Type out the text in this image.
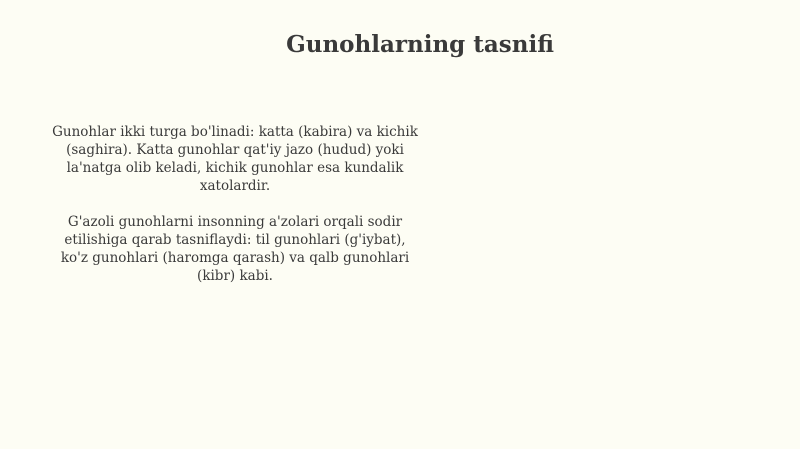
Gunohlarning tasnifi

Gunohlar ikki turga bo'linadi: katta (kabira) va kichik (saghira). Katta gunohlar qat'iy jazo (hudud) yoki la'natga olib keladi, kichik gunohlar esa kundalik xatolardir.

G'azoli gunohlarni insonning a'zolari orqali sodir etilishiga qarab tasniflaydi: til gunohlari (g'iybat), ko'z gunohlari (haromga qarash) va qalb gunohlari (kibr) kabi.
